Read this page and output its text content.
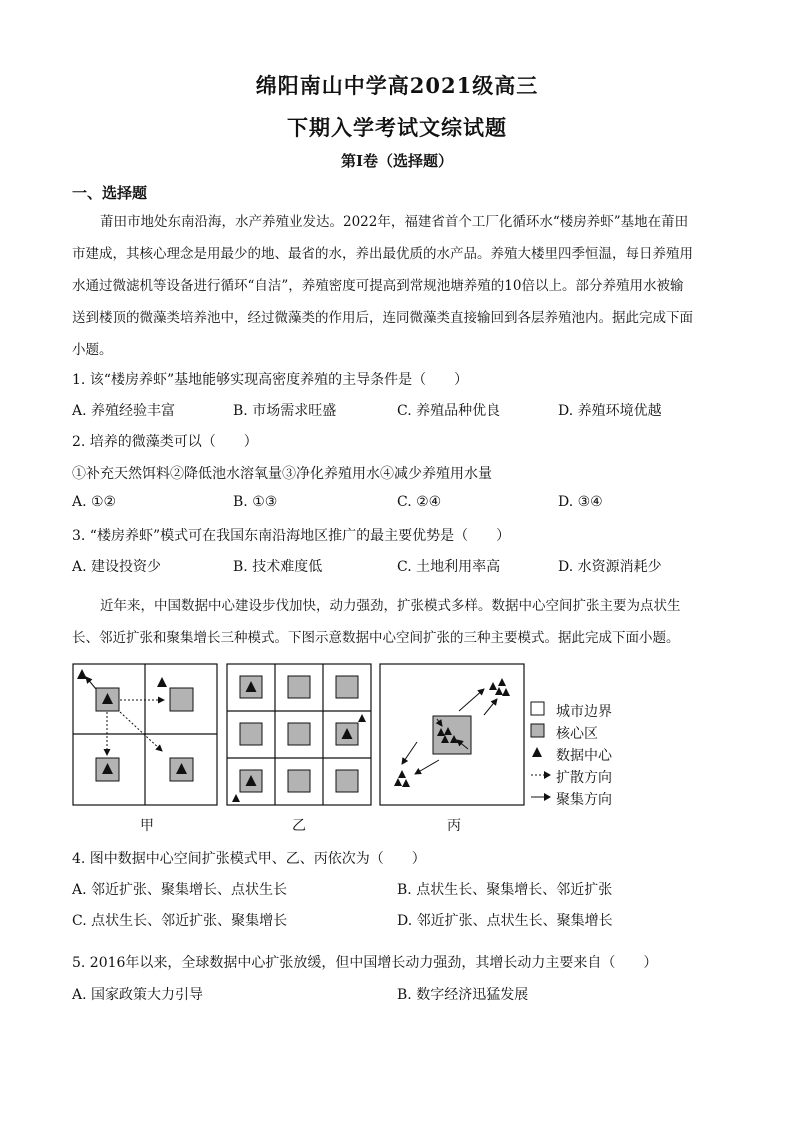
绵阳南山中学高2021级高三
下期入学考试文综试题
第Ⅰ卷（选择题）
一、选择题
莆田市地处东南沿海，水产养殖业发达。2022年，福建省首个工厂化循环水“楼房养虾”基地在莆田
市建成，其核心理念是用最少的地、最省的水，养出最优质的水产品。养殖大楼里四季恒温，每日养殖用
水通过微滤机等设备进行循环“自洁”，养殖密度可提高到常规池塘养殖的10倍以上。部分养殖用水被输
送到楼顶的微藻类培养池中，经过微藻类的作用后，连同微藻类直接输回到各层养殖池内。据此完成下面
小题。
1. 该“楼房养虾”基地能够实现高密度养殖的主导条件是（　　）
A. 养殖经验丰富	B. 市场需求旺盛	C. 养殖品种优良	D. 养殖环境优越
2. 培养的微藻类可以（　　）
①补充天然饵料②降低池水溶氧量③净化养殖用水④减少养殖用水量
A. ①②	B. ①③	C. ②④	D. ③④
3. “楼房养虾”模式可在我国东南沿海地区推广的最主要优势是（　　）
A. 建设投资少	B. 技术难度低	C. 土地利用率高	D. 水资源消耗少
近年来，中国数据中心建设步伐加快，动力强劲，扩张模式多样。数据中心空间扩张主要为点状生
长、邻近扩张和聚集增长三种模式。下图示意数据中心空间扩张的三种主要模式。据此完成下面小题。
甲	乙	丙
城市边界
核心区
数据中心
扩散方向
聚集方向
4. 图中数据中心空间扩张模式甲、乙、丙依次为（　　）
A. 邻近扩张、聚集增长、点状生长	B. 点状生长、聚集增长、邻近扩张
C. 点状生长、邻近扩张、聚集增长	D. 邻近扩张、点状生长、聚集增长
5. 2016年以来，全球数据中心扩张放缓，但中国增长动力强劲，其增长动力主要来自（　　）
A. 国家政策大力引导	B. 数字经济迅猛发展
